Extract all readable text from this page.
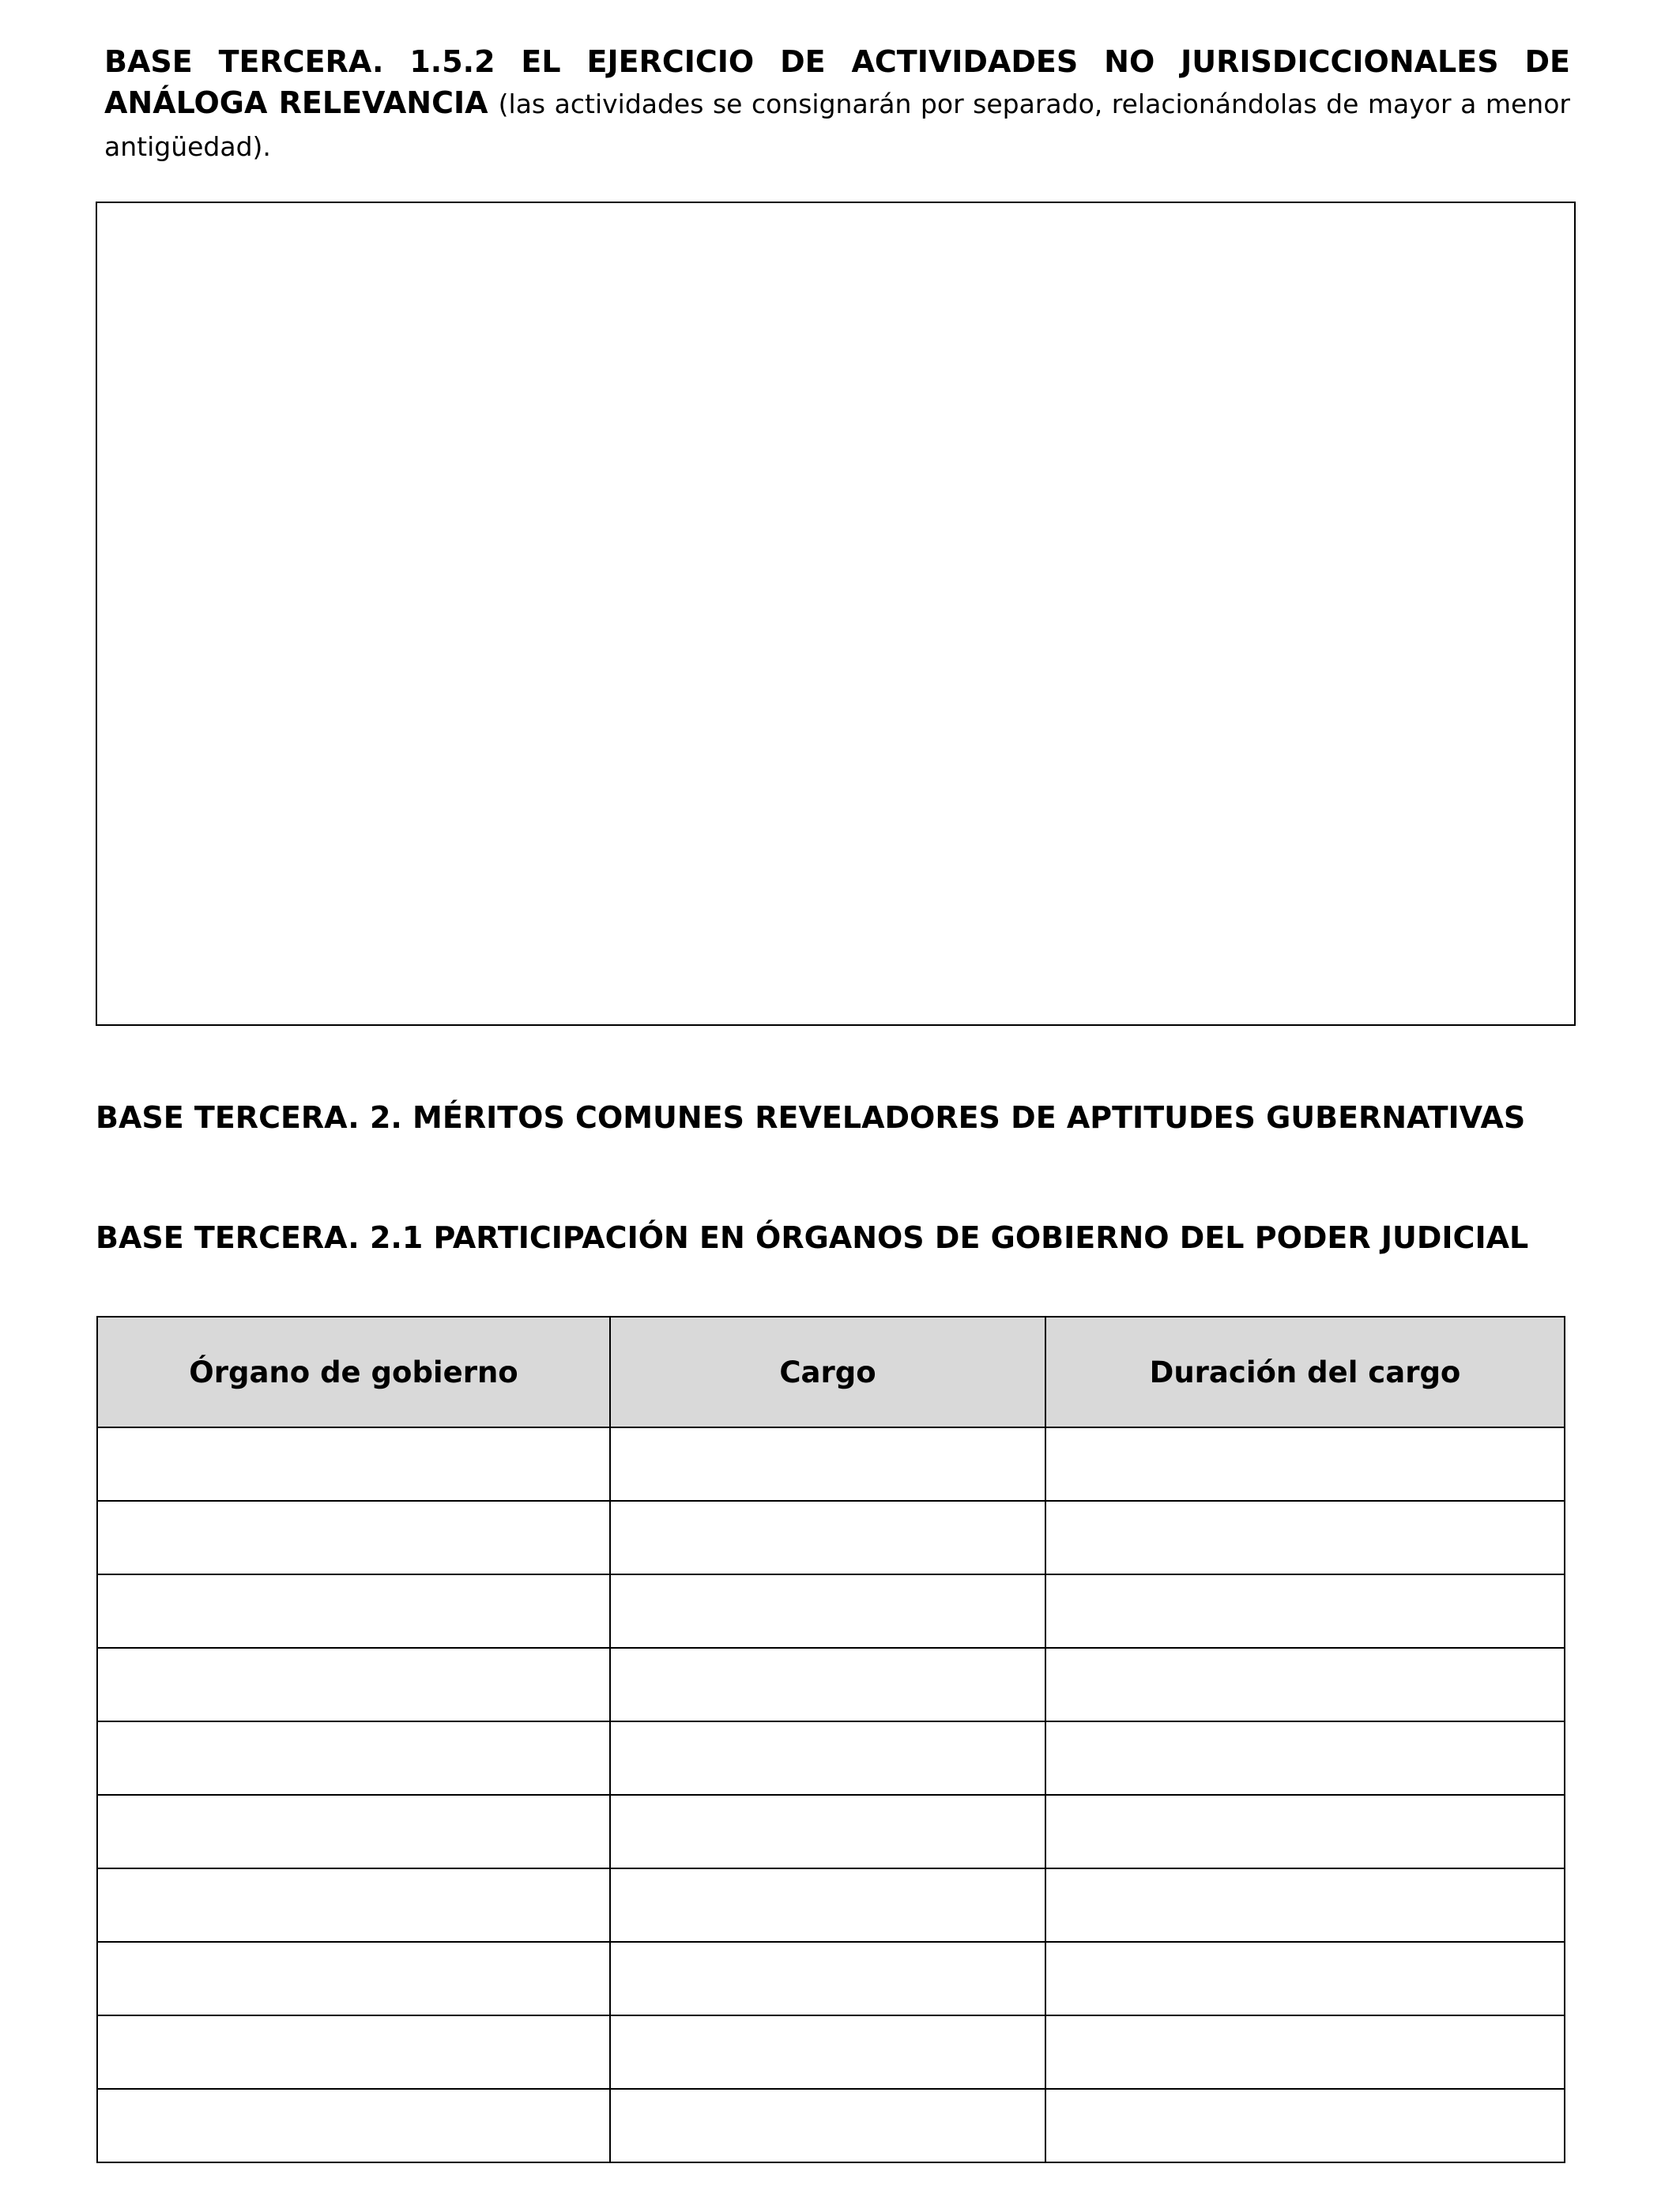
BASE TERCERA. 1.5.2 EL EJERCICIO DE ACTIVIDADES NO JURISDICCIONALES DE ANÁLOGA RELEVANCIA (las actividades se consignarán por separado, relacionándolas de mayor a menor antigüedad).
BASE TERCERA. 2. MÉRITOS COMUNES REVELADORES DE APTITUDES GUBERNATIVAS
BASE TERCERA. 2.1 PARTICIPACIÓN EN ÓRGANOS DE GOBIERNO DEL PODER JUDICIAL
Órgano de gobierno	Cargo	Duración del cargo
